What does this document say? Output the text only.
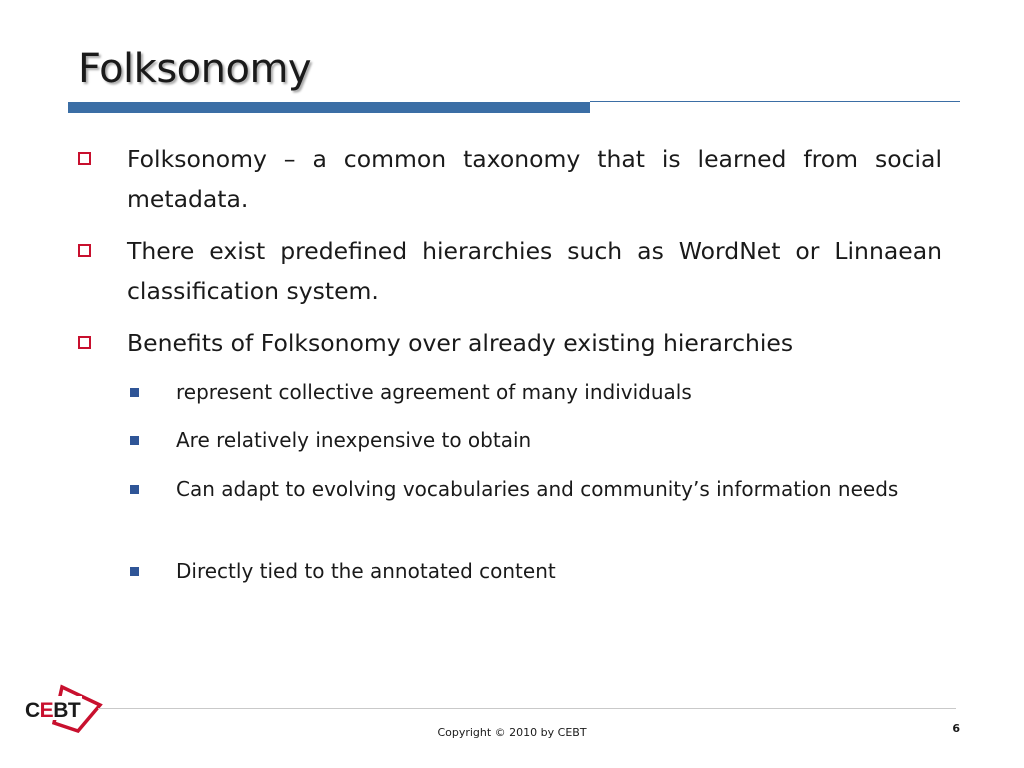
Folksonomy
Folksonomy – a common taxonomy that is learned from social metadata.
There exist predefined hierarchies such as WordNet or Linnaean classification system.
Benefits of Folksonomy over already existing hierarchies
represent collective agreement of many individuals
Are relatively inexpensive to obtain
Can adapt to evolving vocabularies and community’s information needs
Directly tied to the annotated content
CEBT
Copyright © 2010 by CEBT	6
